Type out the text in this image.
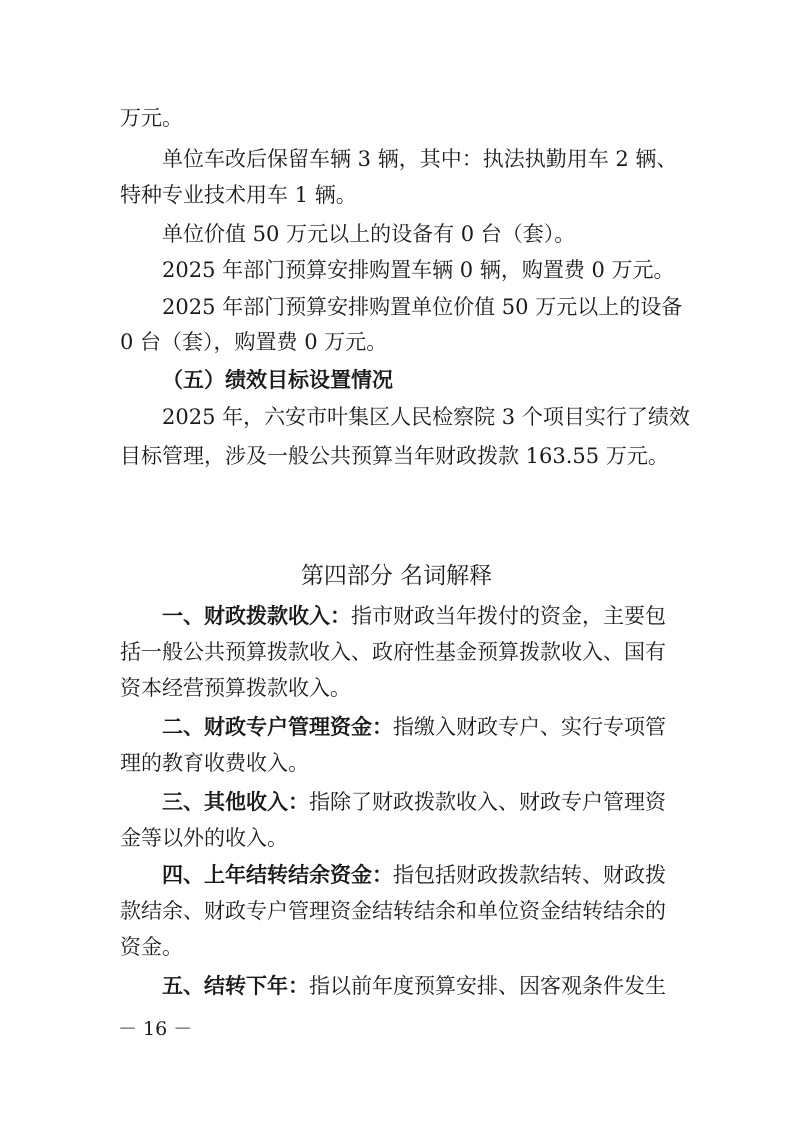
万元。
单位车改后保留车辆 3 辆，其中：执法执勤用车 2 辆、
特种专业技术用车 1 辆。
单位价值 50 万元以上的设备有 0 台（套）。
2025 年部门预算安排购置车辆 0 辆，购置费 0 万元。
2025 年部门预算安排购置单位价值 50 万元以上的设备
0 台（套），购置费 0 万元。
（五）绩效目标设置情况
2025 年，六安市叶集区人民检察院 3 个项目实行了绩效
目标管理，涉及一般公共预算当年财政拨款 163.55 万元。
第四部分 名词解释
一、财政拨款收入：指市财政当年拨付的资金，主要包
括一般公共预算拨款收入、政府性基金预算拨款收入、国有
资本经营预算拨款收入。
二、财政专户管理资金：指缴入财政专户、实行专项管
理的教育收费收入。
三、其他收入：指除了财政拨款收入、财政专户管理资
金等以外的收入。
四、上年结转结余资金：指包括财政拨款结转、财政拨
款结余、财政专户管理资金结转结余和单位资金结转结余的
资金。
五、结转下年：指以前年度预算安排、因客观条件发生
－ 16 －
